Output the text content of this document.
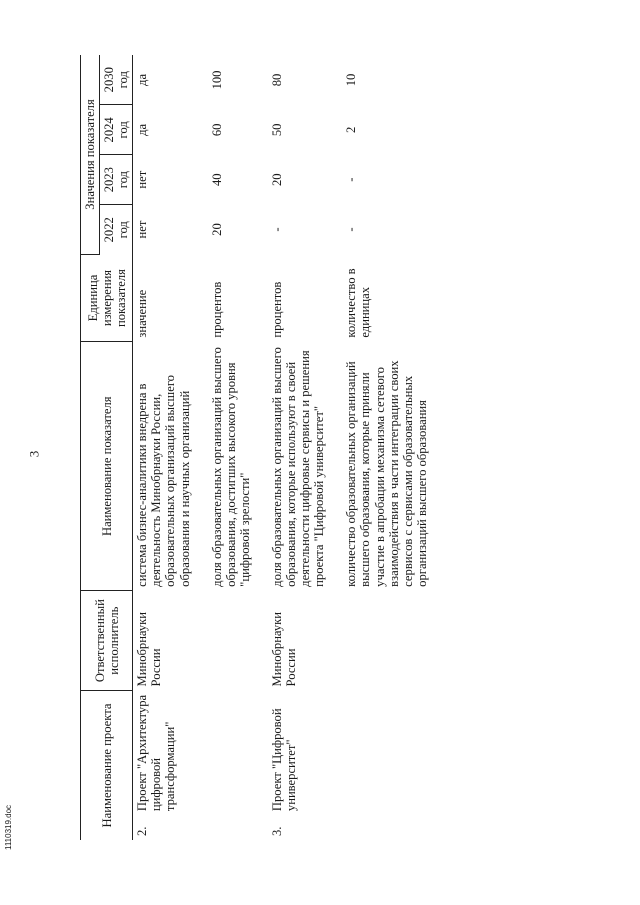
3
1110319.doc
Наименование проекта		Ответственный исполнитель	Наименование показателя	Единица измерения показателя	Значения показателя			
					2022 год	2023 год	2024 год	2030 год
2.	Проект "Архитектура цифровой трансформации"	Минобрнауки России	система бизнес-аналитики внедрена в деятельность Минобрнауки России, образовательных организаций высшего образования и научных организаций	значение	нет	нет	да	да
			доля образовательных организаций высшего образования, достигших высокого уровня "цифровой зрелости"	процентов	20	40	60	100
3.	Проект "Цифровой университет"	Минобрнауки России	доля образовательных организаций высшего образования, которые используют в своей деятельности цифровые сервисы и решения проекта "Цифровой университет"	процентов	-	20	50	80
			количество образовательных организаций высшего образования, которые приняли участие в апробации механизма сетевого взаимодействия в части интеграции своих сервисов с сервисами образовательных организаций высшего образования	количество в единицах	-	-	2	10
